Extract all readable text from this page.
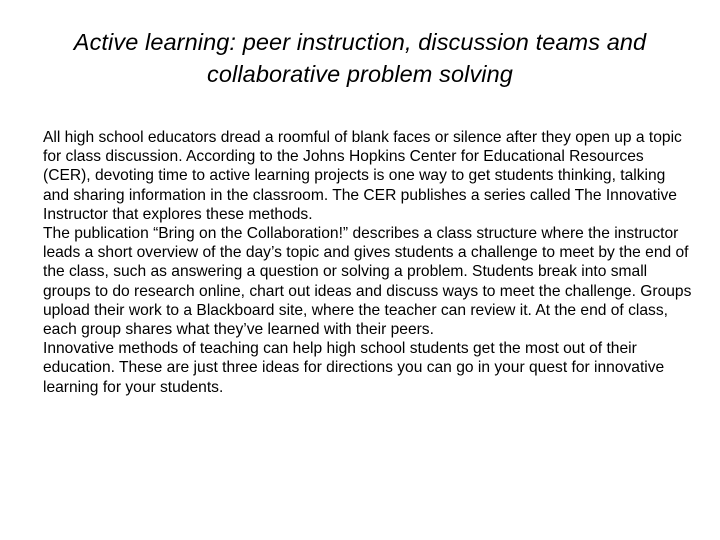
Active learning: peer instruction, discussion teams and collaborative problem solving

All high school educators dread a roomful of blank faces or silence after they open up a topic for class discussion. According to the Johns Hopkins Center for Educational Resources (CER), devoting time to active learning projects is one way to get students thinking, talking and sharing information in the classroom. The CER publishes a series called The Innovative Instructor that explores these methods.

The publication “Bring on the Collaboration!” describes a class structure where the instructor leads a short overview of the day’s topic and gives students a challenge to meet by the end of the class, such as answering a question or solving a problem. Students break into small groups to do research online, chart out ideas and discuss ways to meet the challenge. Groups upload their work to a Blackboard site, where the teacher can review it. At the end of class, each group shares what they’ve learned with their peers.

Innovative methods of teaching can help high school students get the most out of their education. These are just three ideas for directions you can go in your quest for innovative learning for your students.
